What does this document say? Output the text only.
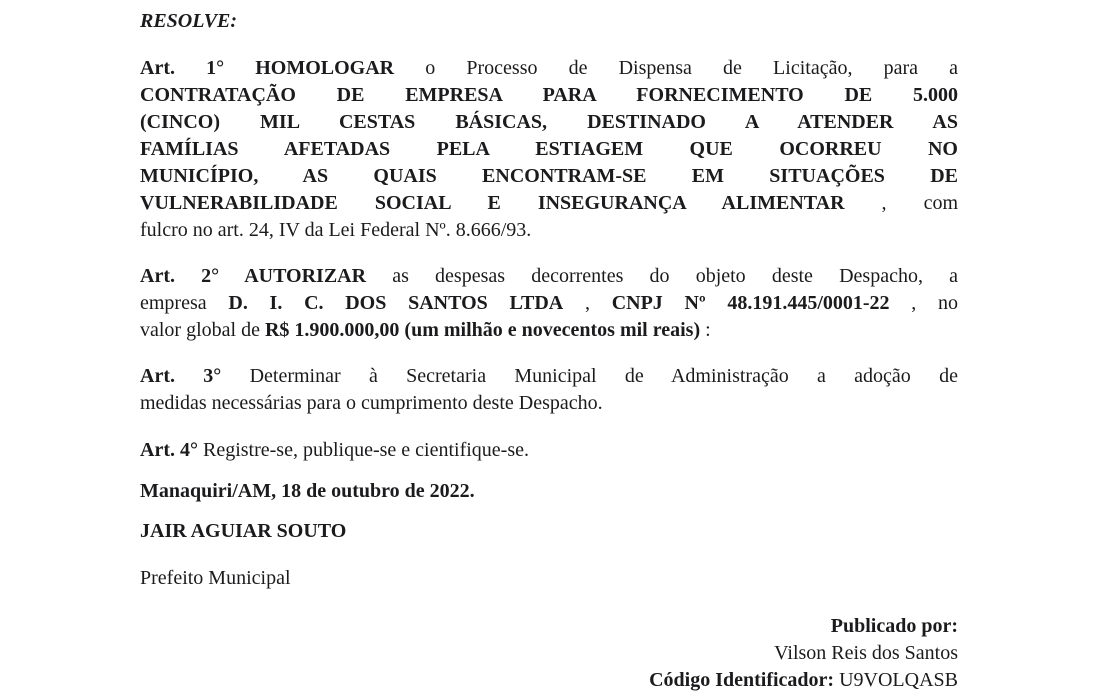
RESOLVE:
Art. 1° HOMOLOGAR o Processo de Dispensa de Licitação, para a
CONTRATAÇÃO DE EMPRESA PARA FORNECIMENTO DE 5.000
(CINCO) MIL CESTAS BÁSICAS, DESTINADO A ATENDER AS
FAMÍLIAS AFETADAS PELA ESTIAGEM QUE OCORREU NO
MUNICÍPIO, AS QUAIS ENCONTRAM-SE EM SITUAÇÕES DE
VULNERABILIDADE SOCIAL E INSEGURANÇA ALIMENTAR , com
fulcro no art. 24, IV da Lei Federal Nº. 8.666/93.
Art. 2° AUTORIZAR as despesas decorrentes do objeto deste Despacho, a
empresa D. I. C. DOS SANTOS LTDA , CNPJ Nº 48.191.445/0001-22 , no
valor global de R$ 1.900.000,00 (um milhão e novecentos mil reais) :
Art. 3° Determinar à Secretaria Municipal de Administração a adoção de
medidas necessárias para o cumprimento deste Despacho.
Art. 4° Registre-se, publique-se e cientifique-se.
Manaquiri/AM, 18 de outubro de 2022.
JAIR AGUIAR SOUTO
Prefeito Municipal
Publicado por:
Vilson Reis dos Santos
Código Identificador: U9VOLQASB
